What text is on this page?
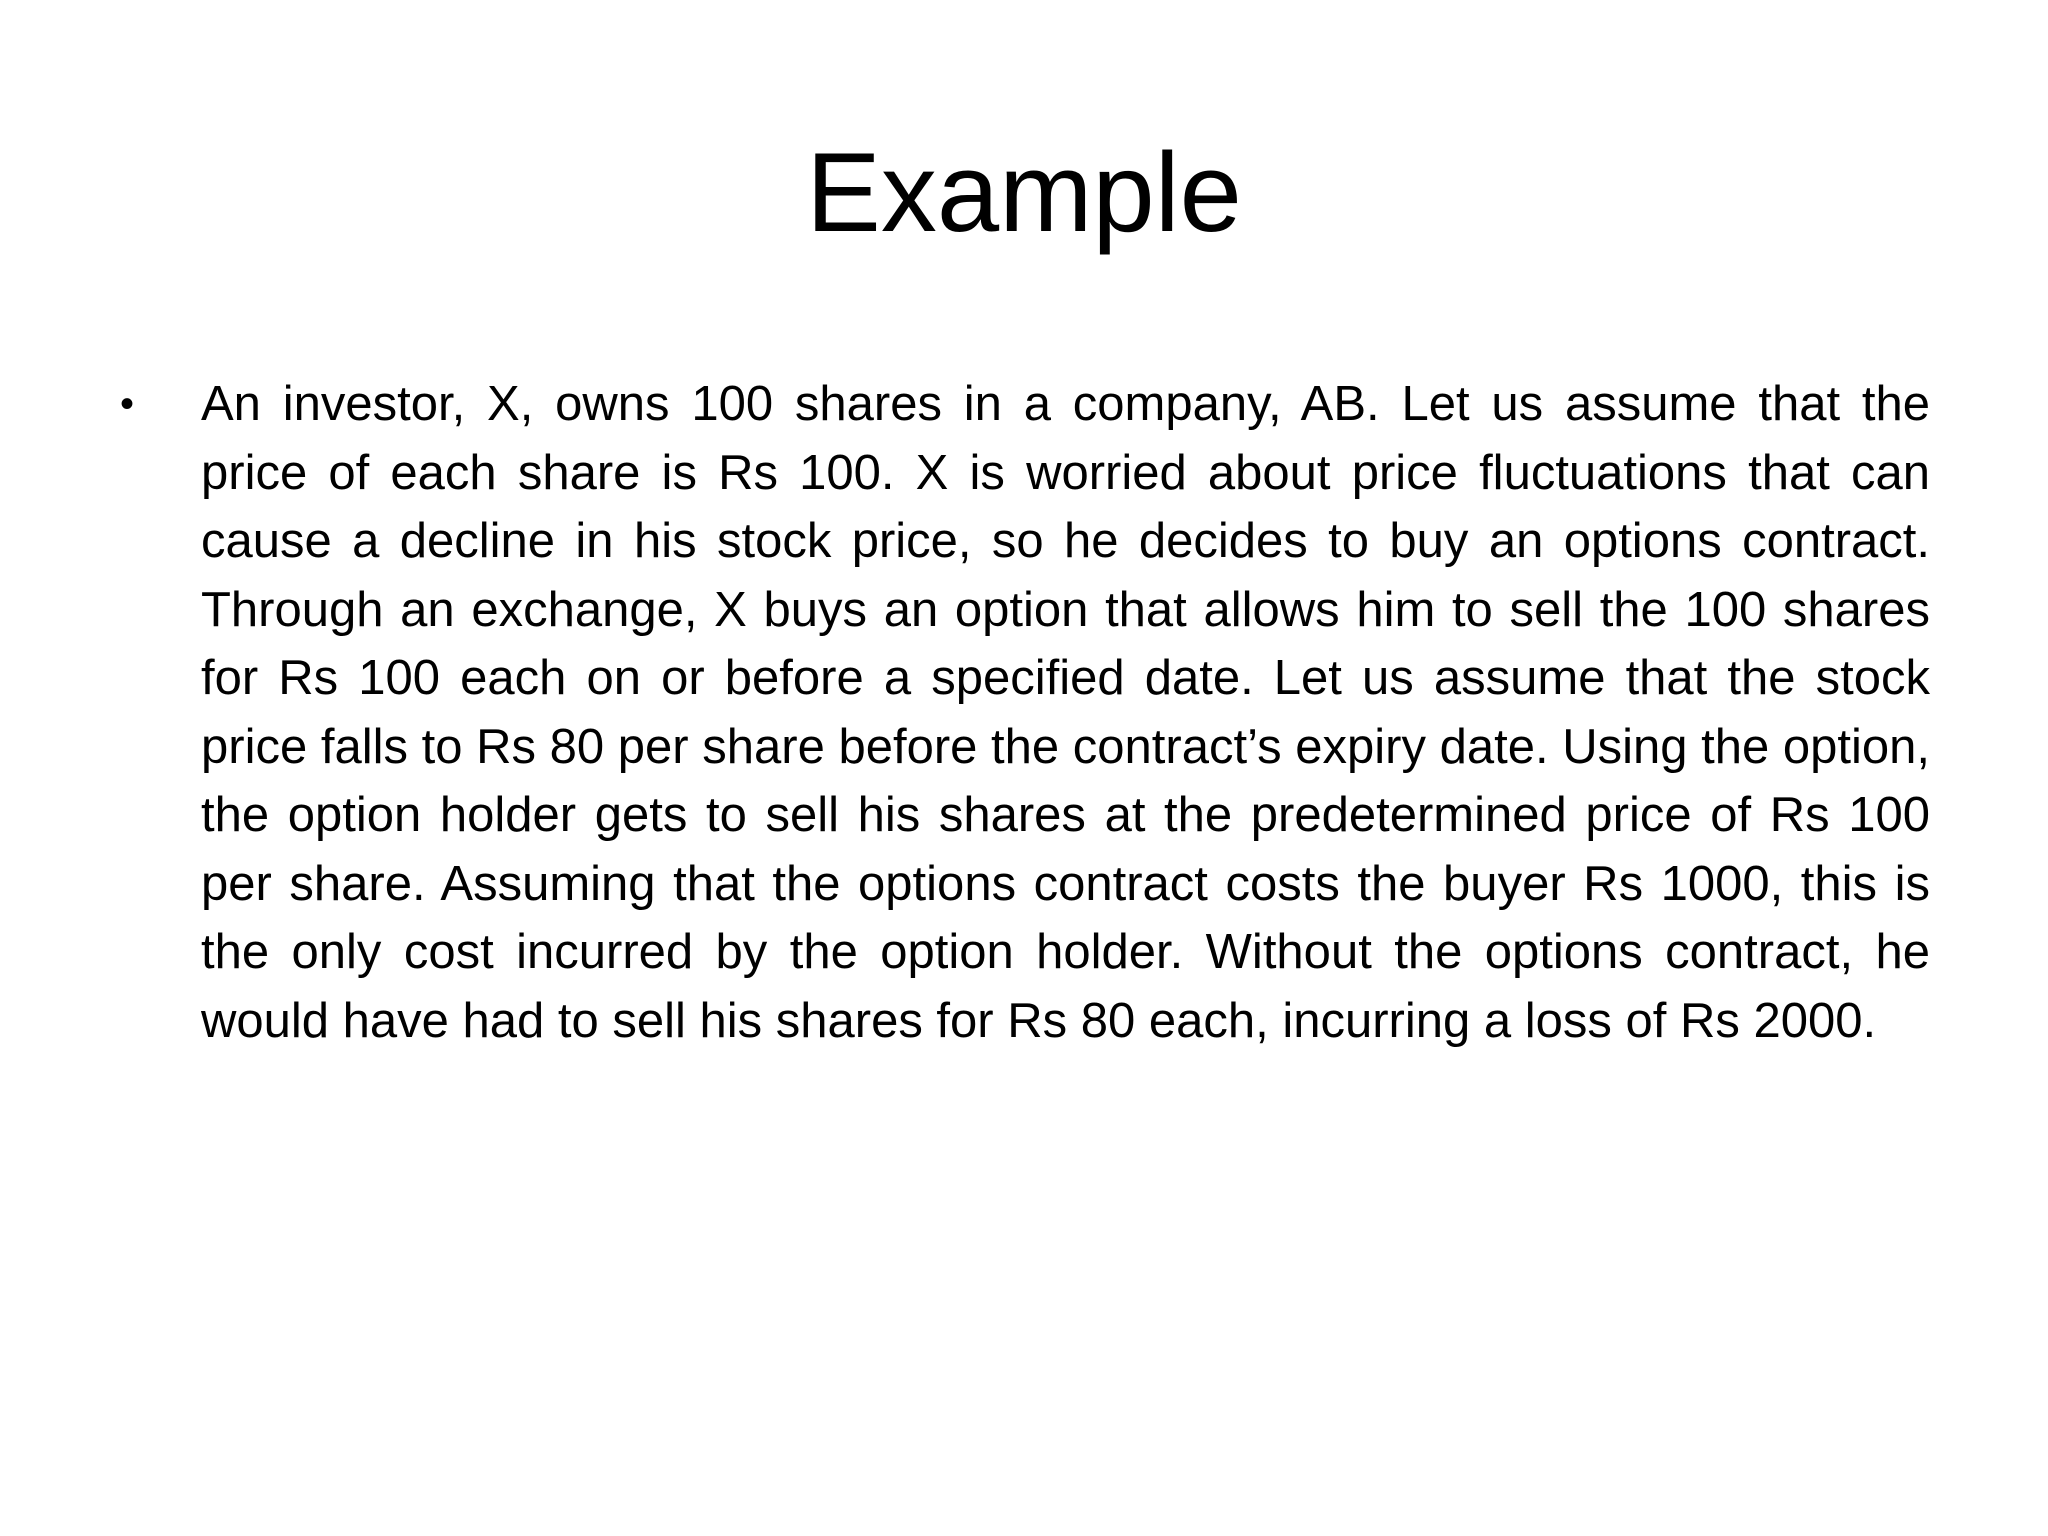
Example
• An investor, X, owns 100 shares in a company, AB. Let us assume that the price of each share is Rs 100. X is worried about price fluctuations that can cause a decline in his stock price, so he decides to buy an options contract. Through an exchange, X buys an option that allows him to sell the 100 shares for Rs 100 each on or before a specified date. Let us assume that the stock price falls to Rs 80 per share before the contract’s expiry date. Using the option, the option holder gets to sell his shares at the predetermined price of Rs 100 per share. Assuming that the options contract costs the buyer Rs 1000, this is the only cost incurred by the option holder. Without the options contract, he would have had to sell his shares for Rs 80 each, incurring a loss of Rs 2000.
